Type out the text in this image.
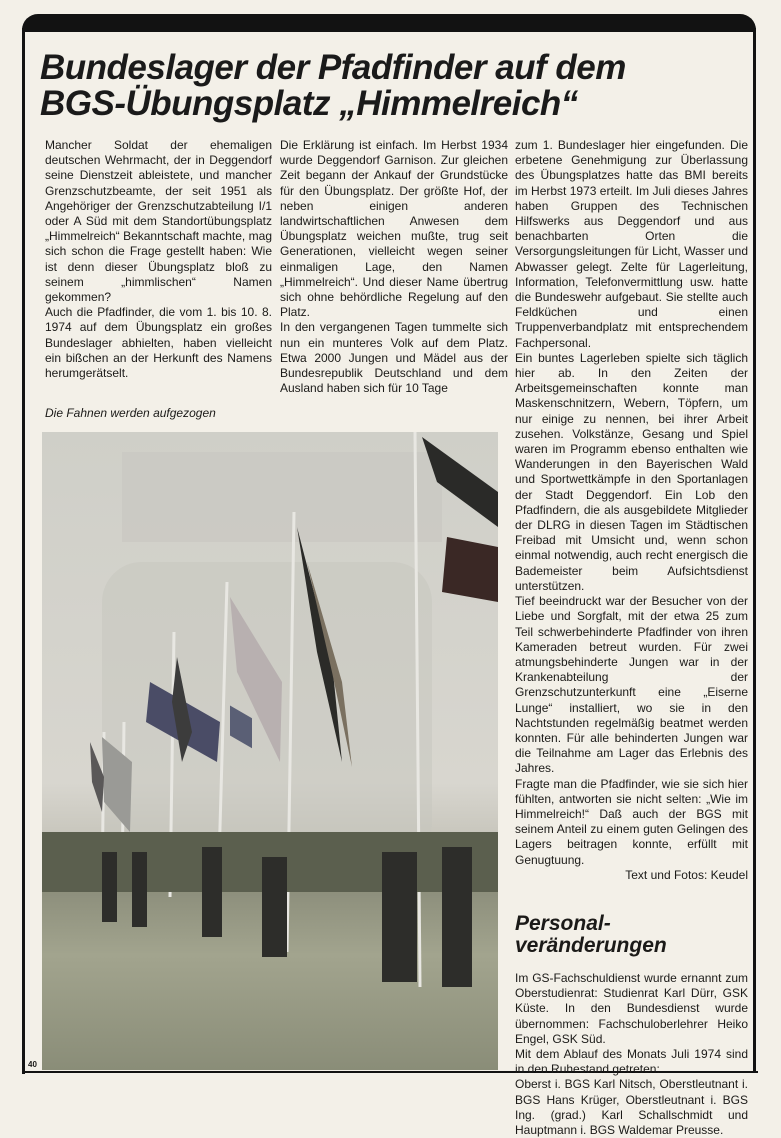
Bundeslager der Pfadfinder auf dem
BGS-Übungsplatz „Himmelreich“

Mancher Soldat der ehemaligen deutschen Wehrmacht, der in Deggendorf seine Dienstzeit ableistete, und mancher Grenzschutzbeamte, der seit 1951 als Angehöriger der Grenzschutzabteilung I/1 oder A Süd mit dem Standortübungsplatz „Himmelreich“ Bekanntschaft machte, mag sich schon die Frage gestellt haben: Wie ist denn dieser Übungsplatz bloß zu seinem „himmlischen“ Namen gekommen?

Auch die Pfadfinder, die vom 1. bis 10. 8. 1974 auf dem Übungsplatz ein großes Bundeslager abhielten, haben vielleicht ein bißchen an der Herkunft des Namens herumgerätselt.

Die Erklärung ist einfach. Im Herbst 1934 wurde Deggendorf Garnison. Zur gleichen Zeit begann der Ankauf der Grundstücke für den Übungsplatz. Der größte Hof, der neben einigen anderen landwirtschaftlichen Anwesen dem Übungsplatz weichen mußte, trug seit Generationen, vielleicht wegen seiner einmaligen Lage, den Namen „Himmelreich“. Und dieser Name übertrug sich ohne behördliche Regelung auf den Platz.

In den vergangenen Tagen tummelte sich nun ein munteres Volk auf dem Platz. Etwa 2000 Jungen und Mädel aus der Bundesrepublik Deutschland und dem Ausland haben sich für 10 Tage

zum 1. Bundeslager hier eingefunden. Die erbetene Genehmigung zur Überlassung des Übungsplatzes hatte das BMI bereits im Herbst 1973 erteilt. Im Juli dieses Jahres haben Gruppen des Technischen Hilfswerks aus Deggendorf und aus benachbarten Orten die Versorgungsleitungen für Licht, Wasser und Abwasser gelegt. Zelte für Lagerleitung, Information, Telefonvermittlung usw. hatte die Bundeswehr aufgebaut. Sie stellte auch Feldküchen und einen Truppenverbandplatz mit entsprechendem Fachpersonal.

Ein buntes Lagerleben spielte sich täglich hier ab. In den Zeiten der Arbeitsgemeinschaften konnte man Maskenschnitzern, Webern, Töpfern, um nur einige zu nennen, bei ihrer Arbeit zusehen. Volkstänze, Gesang und Spiel waren im Programm ebenso enthalten wie Wanderungen in den Bayerischen Wald und Sportwettkämpfe in den Sportanlagen der Stadt Deggendorf. Ein Lob den Pfadfindern, die als ausgebildete Mitglieder der DLRG in diesen Tagen im Städtischen Freibad mit Umsicht und, wenn schon einmal notwendig, auch recht energisch die Bademeister beim Aufsichtsdienst unterstützen.

Tief beeindruckt war der Besucher von der Liebe und Sorgfalt, mit der etwa 25 zum Teil schwerbehinderte Pfadfinder von ihren Kameraden betreut wurden. Für zwei atmungsbehinderte Jungen war in der Krankenabteilung der Grenzschutzunterkunft eine „Eiserne Lunge“ installiert, wo sie in den Nachtstunden regelmäßig beatmet werden konnten. Für alle behinderten Jungen war die Teilnahme am Lager das Erlebnis des Jahres.

Fragte man die Pfadfinder, wie sie sich hier fühlten, antworten sie nicht selten: „Wie im Himmelreich!“ Daß auch der BGS mit seinem Anteil zu einem guten Gelingen des Lagers beitragen konnte, erfüllt mit Genugtuung.

Text und Fotos: Keudel

Personal-
veränderungen

Im GS-Fachschuldienst wurde ernannt zum Oberstudienrat: Studienrat Karl Dürr, GSK Küste. In den Bundesdienst wurde übernommen: Fachschuloberlehrer Heiko Engel, GSK Süd.

Mit dem Ablauf des Monats Juli 1974 sind in den Ruhestand getreten:

Oberst i. BGS Karl Nitsch, Oberstleutnant i. BGS Hans Krüger, Oberstleutnant i. BGS Ing. (grad.) Karl Schallschmidt und Hauptmann i. BGS Waldemar Preusse.

Die Fahnen werden aufgezogen
40
